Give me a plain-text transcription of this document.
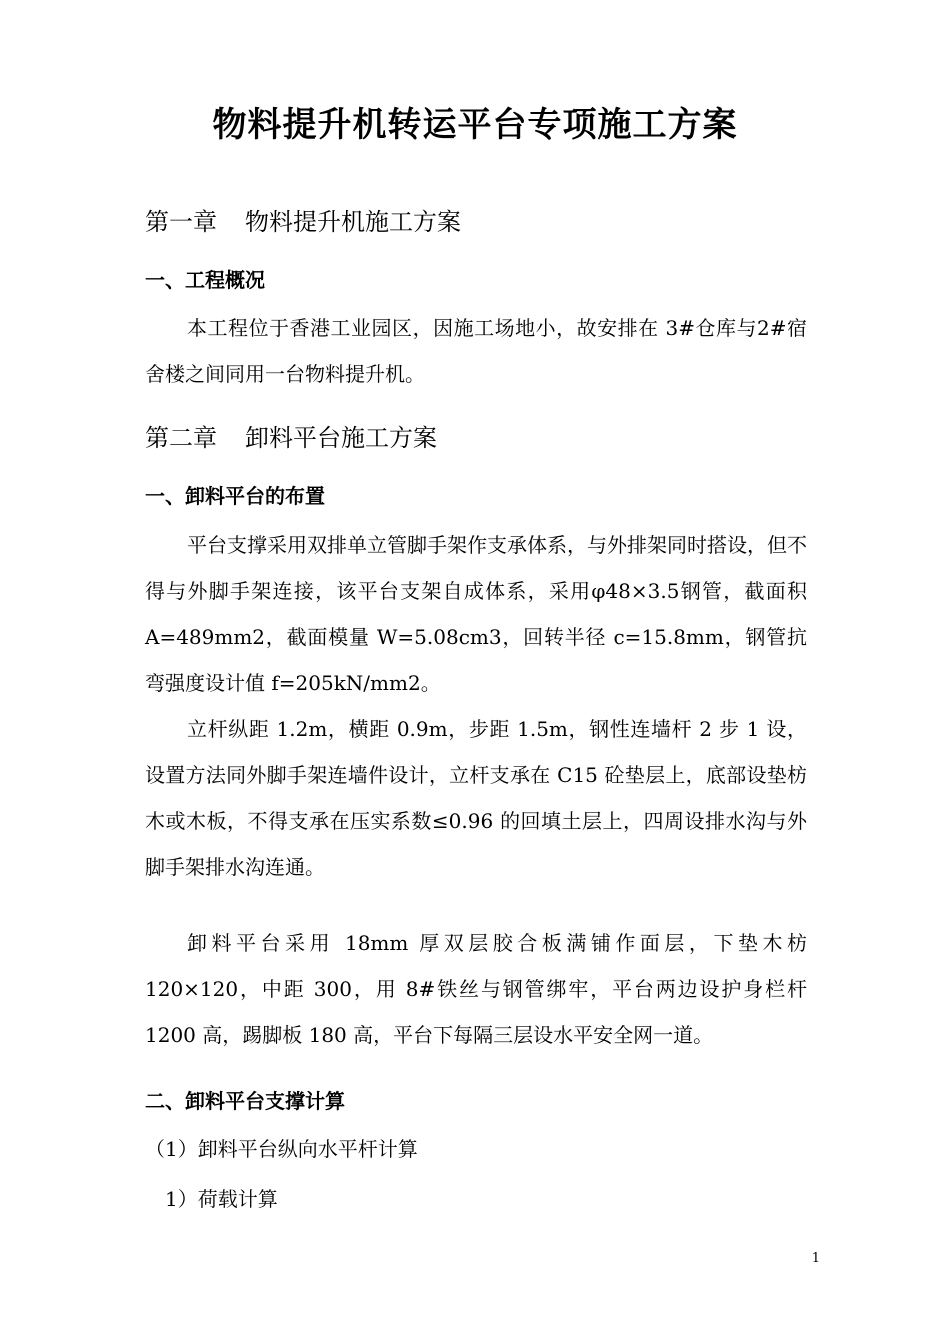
物料提升机转运平台专项施工方案
第一章 物料提升机施工方案
一、工程概况
本工程位于香港工业园区，因施工场地小，故安排在 3#仓库与2#宿舍楼之间同用一台物料提升机。
第二章 卸料平台施工方案
一、卸料平台的布置
平台支撑采用双排单立管脚手架作支承体系，与外排架同时搭设，但不得与外脚手架连接，该平台支架自成体系，采用φ48×3.5钢管，截面积 A=489mm2，截面模量 W=5.08cm3，回转半径 c=15.8mm，钢管抗弯强度设计值 f=205kN/mm2。
立杆纵距 1.2m，横距 0.9m，步距 1.5m，钢性连墙杆 2 步 1 设，设置方法同外脚手架连墙件设计，立杆支承在 C15 砼垫层上，底部设垫枋木或木板，不得支承在压实系数≤0.96 的回填土层上，四周设排水沟与外脚手架排水沟连通。
卸料平台采用 18mm 厚双层胶合板满铺作面层，下垫木枋 120×120，中距 300，用 8#铁丝与钢管绑牢，平台两边设护身栏杆 1200 高，踢脚板 180 高，平台下每隔三层设水平安全网一道。
二、卸料平台支撑计算
（1）卸料平台纵向水平杆计算
1）荷载计算
1
